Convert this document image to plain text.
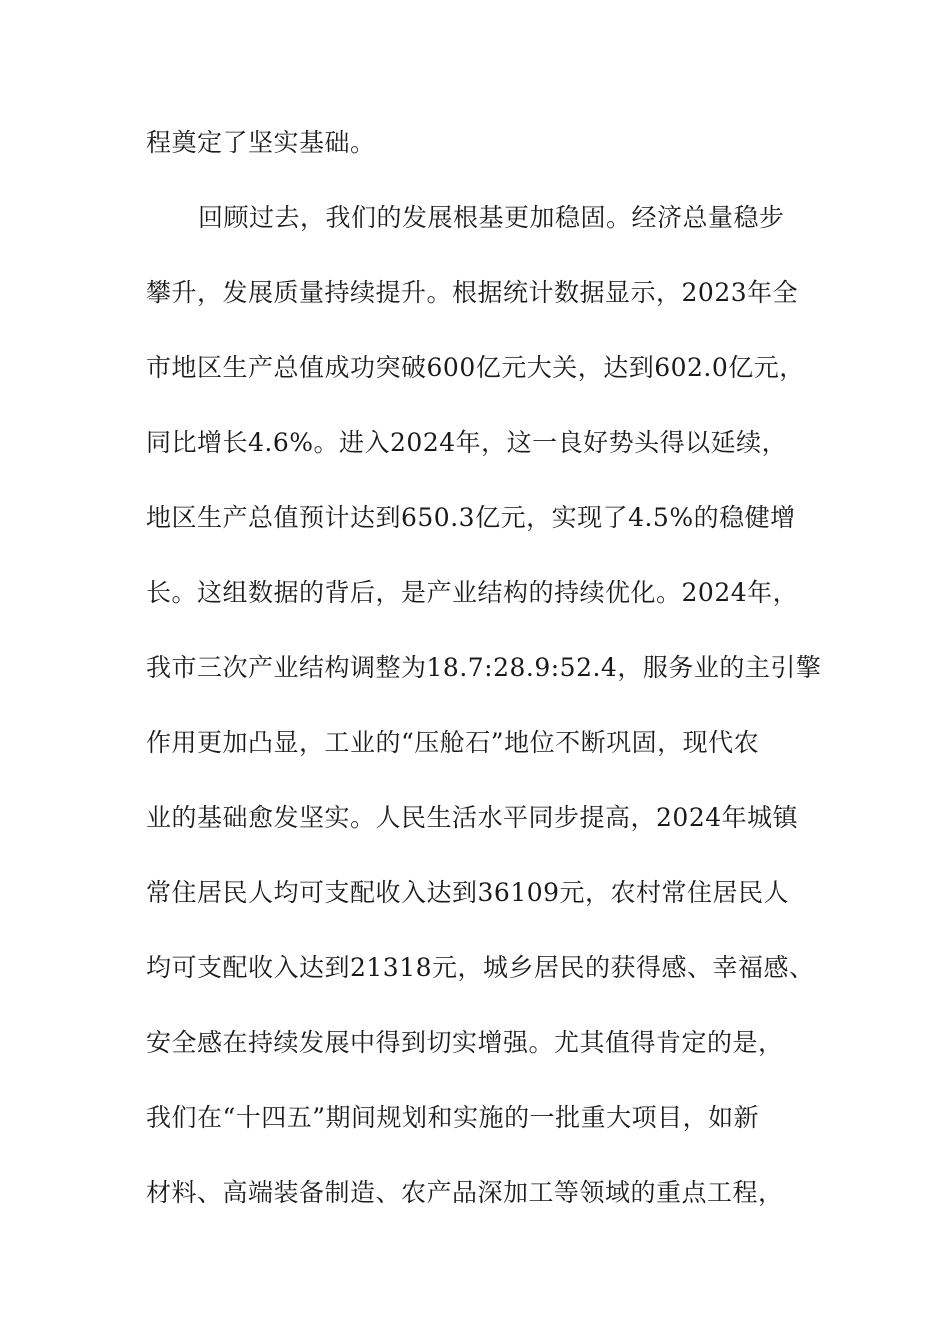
程奠定了坚实基础。
回顾过去，我们的发展根基更加稳固。经济总量稳步
攀升，发展质量持续提升。根据统计数据显示，2023年全
市地区生产总值成功突破600亿元大关，达到602.0亿元，
同比增长4.6%。进入2024年，这一良好势头得以延续，
地区生产总值预计达到650.3亿元，实现了4.5%的稳健增
长。这组数据的背后，是产业结构的持续优化。2024年，
我市三次产业结构调整为18.7:28.9:52.4，服务业的主引擎
作用更加凸显，工业的“压舱石”地位不断巩固，现代农
业的基础愈发坚实。人民生活水平同步提高，2024年城镇
常住居民人均可支配收入达到36109元，农村常住居民人
均可支配收入达到21318元，城乡居民的获得感、幸福感、
安全感在持续发展中得到切实增强。尤其值得肯定的是，
我们在“十四五”期间规划和实施的一批重大项目，如新
材料、高端装备制造、农产品深加工等领域的重点工程，
